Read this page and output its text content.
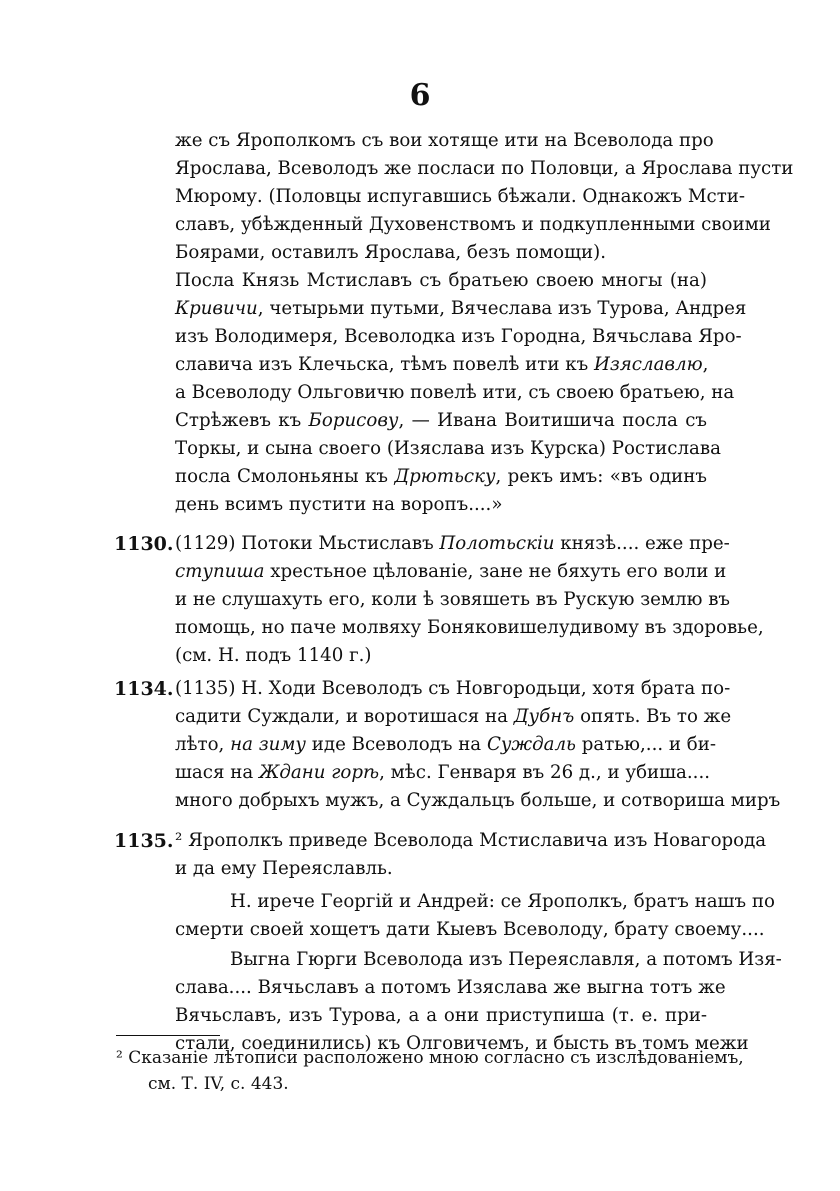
6
же съ Ярополкомъ съ вои хотяще ити на Всеволода про
Ярослава, Всеволодъ же посласи по Половци, а Ярослава пусти
Мюрому. (Половцы испугавшись бѣжали. Однакожъ Мсти-
славъ, убѣжденный Духовенствомъ и подкупленными своими
Боярами, оставилъ Ярослава, безъ помощи).
Посла Князь Мстиславъ съ братьею своею многы (на)
Кривичи, четырьми путьми, Вячеслава изъ Турова, Андрея
изъ Володимеря, Всеволодка изъ Городна, Вячьслава Яро-
славича изъ Клечьска, тѣмъ повелѣ ити къ Изяславлю,
а Всеволоду Ольговичю повелѣ ити, съ своею братьею, на
Стрѣжевъ къ Борисову, — Ивана Воитишича посла съ
Торкы, и сына своего (Изяслава изъ Курска) Ростислава
посла Смолоньяны къ Дрютьску, рекъ имъ: «въ одинъ
день всимъ пустити на воропъ....»
1130. (1129) Потоки Мьстиславъ Полотьскіи князѣ.... еже пре-
ступиша хрестьное цѣлованіе, зане не бяхуть его воли и
и не слушахуть его, коли ѣ зовяшеть въ Рускую землю въ
помощь, но паче молвяху Боняковишелудивому въ здоровье,
(см. Н. подъ 1140 г.)
1134. (1135) Н. Ходи Всеволодъ съ Новгородьци, хотя брата по-
садити Суждали, и воротишася на Дубнъ опять. Въ то же
лѣто, на зиму иде Всеволодъ на Суждаль ратью,... и би-
шася на Ждани горѣ, мѣс. Генваря въ 26 д., и убиша....
много добрыхъ мужъ, а Суждальцъ больше, и сотвориша миръ
1135. ² Ярополкъ приведе Всеволода Мстиславича изъ Новагорода
и да ему Переяславль.
Н. ирече Георгій и Андрей: се Ярополкъ, братъ нашъ по
смерти своей хощетъ дати Кыевъ Всеволоду, брату своему....
Выгна Гюрги Всеволода изъ Переяславля, а потомъ Изя-
слава.... Вячьславъ а потомъ Изяслава же выгна тотъ же
Вячьславъ, изъ Турова, а а они приступиша (т. е. при-
стали, соединились) къ Олговичемъ, и бысть въ томъ межи
² Сказаніе лѣтописи расположено мною согласно съ изслѣдованіемъ,
см. Т. IV, с. 443.
